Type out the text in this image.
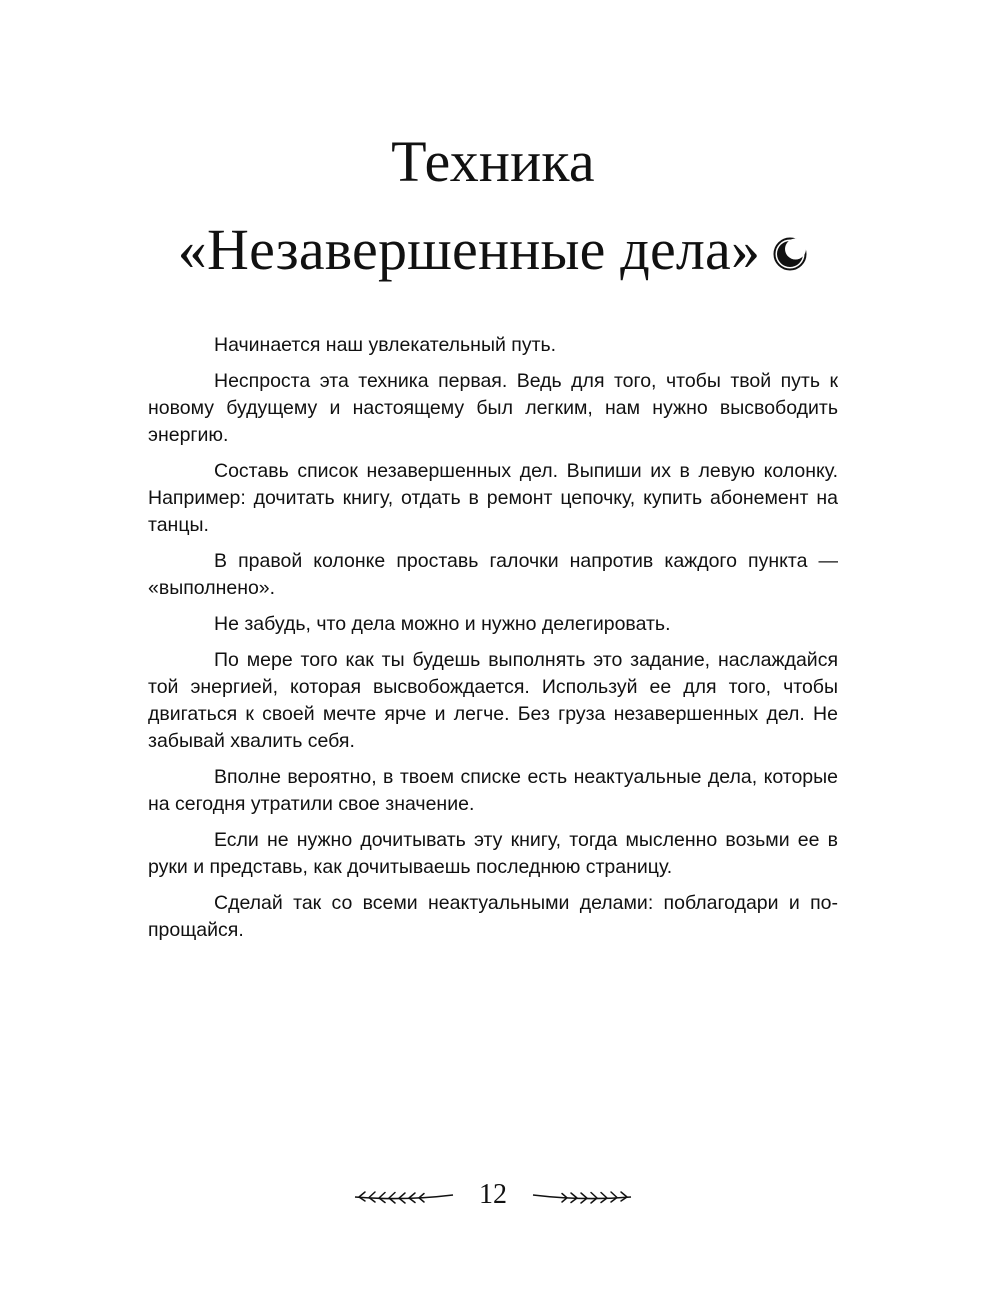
Техника
«Незавершенные дела»

Начинается наш увлекательный путь.

Неспроста эта техника первая. Ведь для того, чтобы твой путь к новому будущему и настоящему был легким, нам нужно высвободить энергию.

Составь список незавершенных дел. Выпиши их в левую колонку. Например: дочитать книгу, отдать в ремонт цепочку, купить абонемент на танцы.

В правой колонке проставь галочки напротив каждого пункта — «выполнено».

Не забудь, что дела можно и нужно делегировать.

По мере того как ты будешь выполнять это задание, наслаждайся той энергией, которая высвобождается. Используй ее для того, чтобы двигаться к своей мечте ярче и легче. Без груза незавершенных дел. Не забывай хвалить себя.

Вполне вероятно, в твоем списке есть неактуальные дела, которые на сегодня утратили свое значение.

Если не нужно дочитывать эту книгу, тогда мысленно возьми ее в руки и представь, как дочитываешь последнюю страницу.

Сделай так со всеми неактуальными делами: поблагодари и попрощайся.

12
